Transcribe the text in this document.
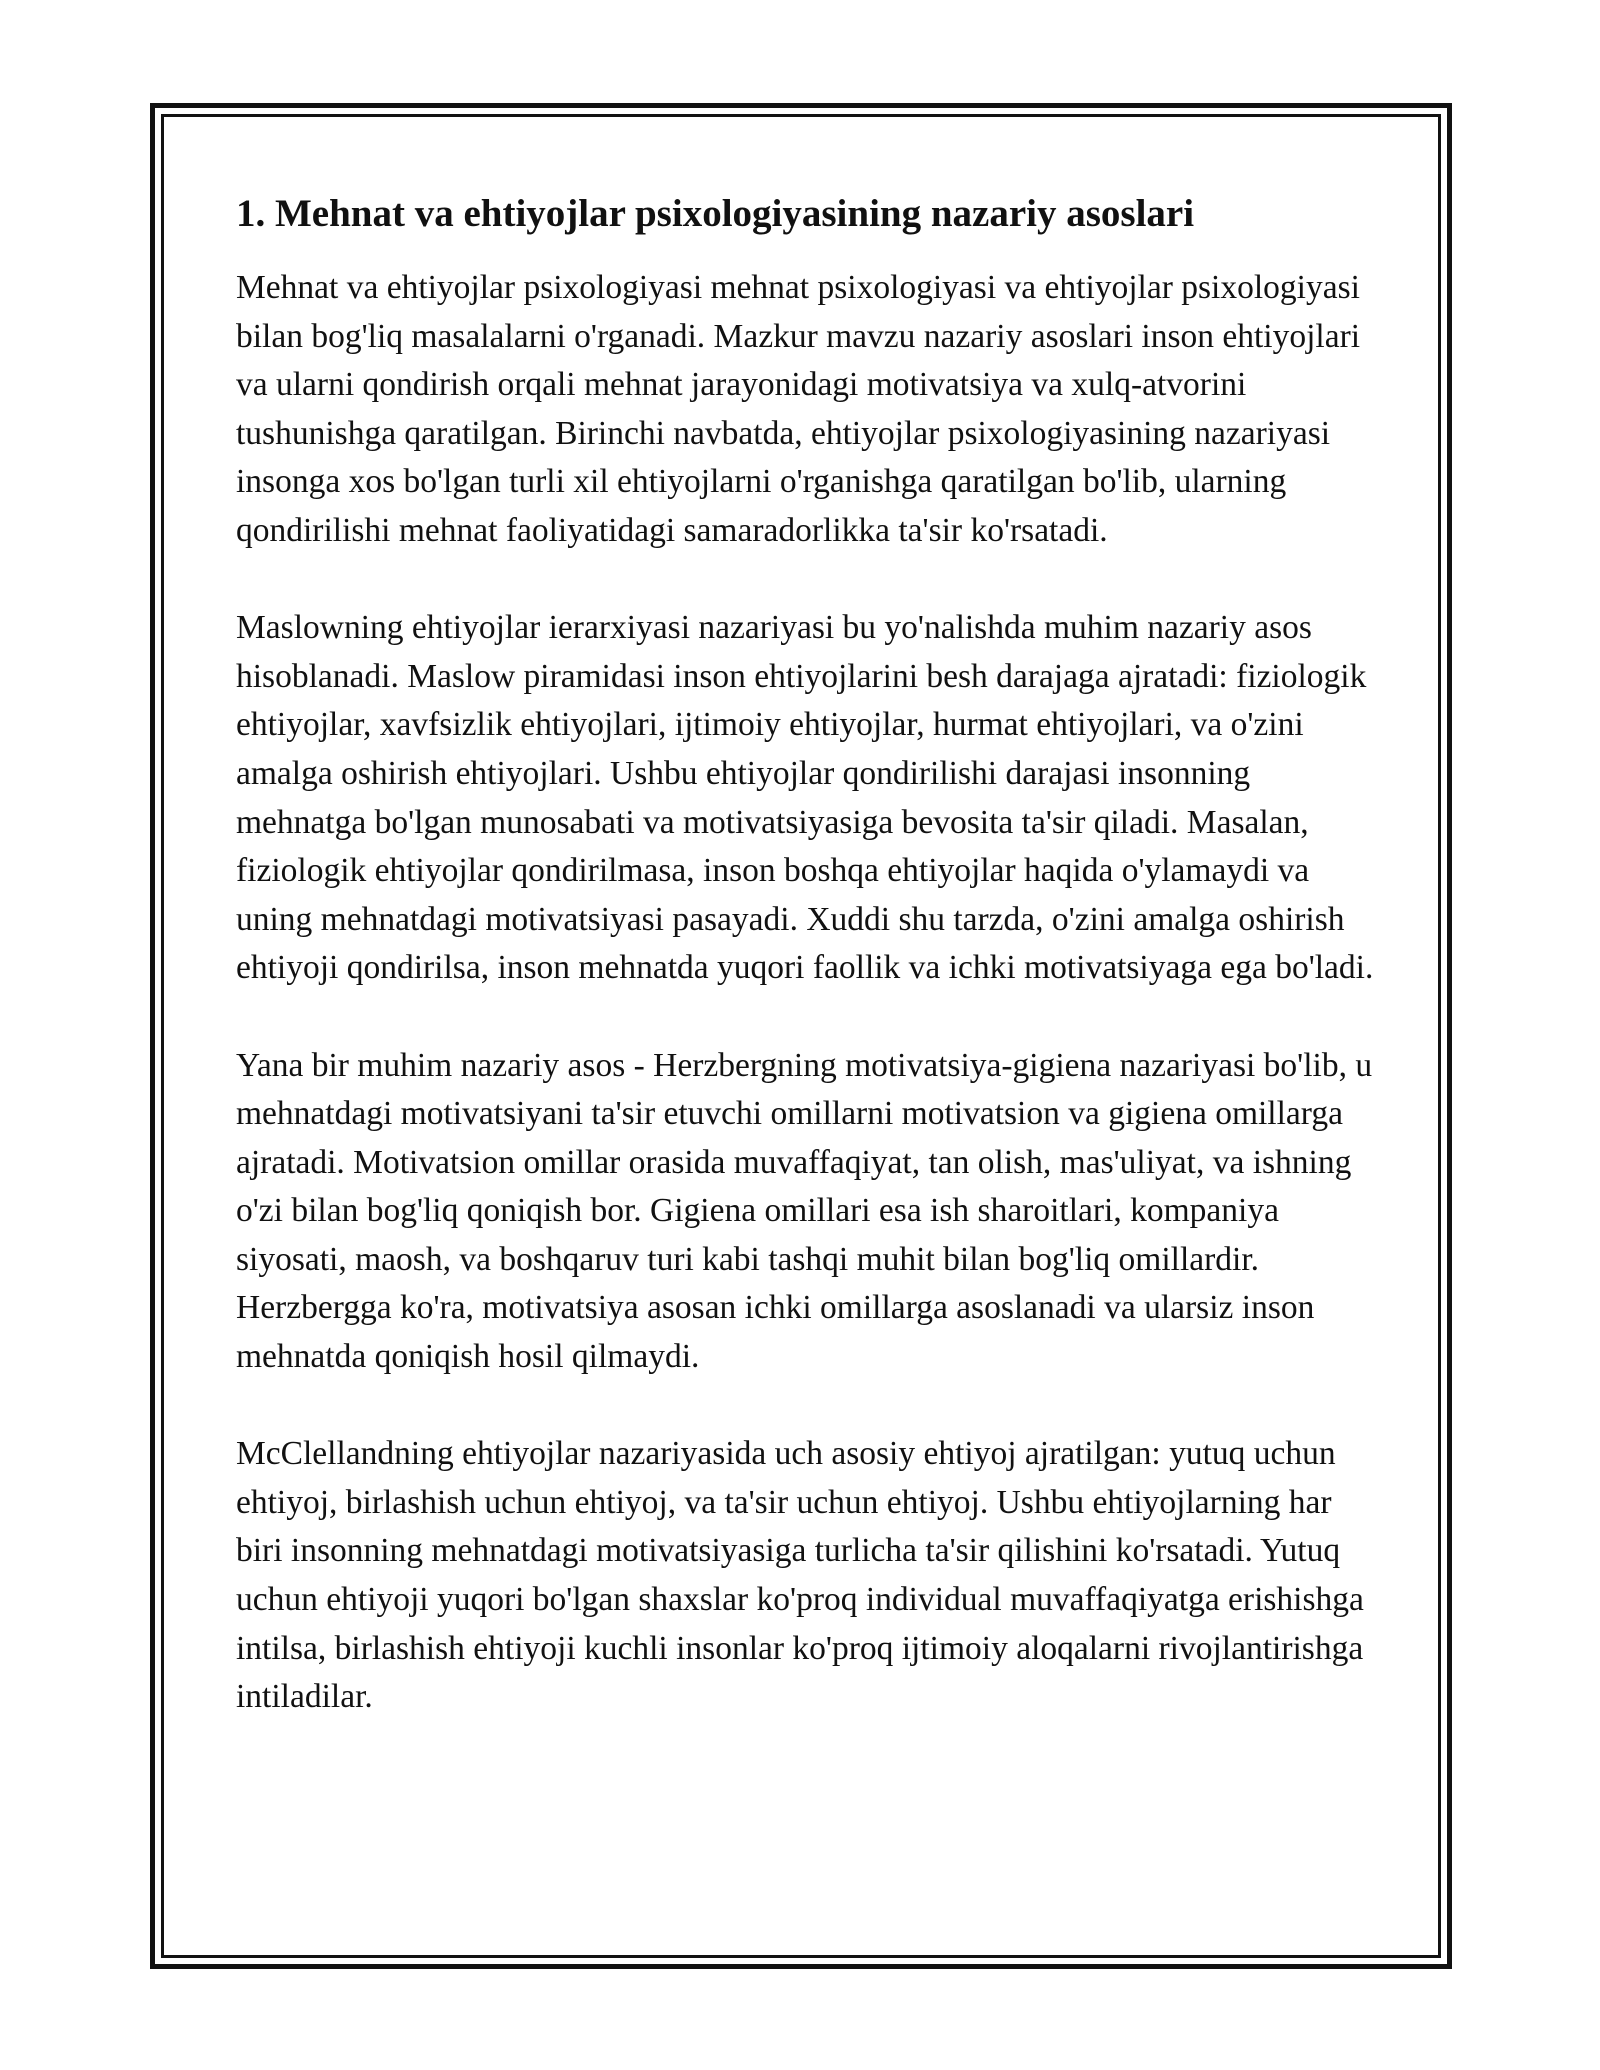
1. Mehnat va ehtiyojlar psixologiyasining nazariy asoslari

Mehnat va ehtiyojlar psixologiyasi mehnat psixologiyasi va ehtiyojlar psixologiyasi bilan bog'liq masalalarni o'rganadi. Mazkur mavzu nazariy asoslari inson ehtiyojlari va ularni qondirish orqali mehnat jarayonidagi motivatsiya va xulq-atvorini tushunishga qaratilgan. Birinchi navbatda, ehtiyojlar psixologiyasining nazariyasi insonga xos bo'lgan turli xil ehtiyojlarni o'rganishga qaratilgan bo'lib, ularning qondirilishi mehnat faoliyatidagi samaradorlikka ta'sir ko'rsatadi.

Maslowning ehtiyojlar ierarxiyasi nazariyasi bu yo'nalishda muhim nazariy asos hisoblanadi. Maslow piramidasi inson ehtiyojlarini besh darajaga ajratadi: fiziologik ehtiyojlar, xavfsizlik ehtiyojlari, ijtimoiy ehtiyojlar, hurmat ehtiyojlari, va o'zini amalga oshirish ehtiyojlari. Ushbu ehtiyojlar qondirilishi darajasi insonning mehnatga bo'lgan munosabati va motivatsiyasiga bevosita ta'sir qiladi. Masalan, fiziologik ehtiyojlar qondirilmasa, inson boshqa ehtiyojlar haqida o'ylamaydi va uning mehnatdagi motivatsiyasi pasayadi. Xuddi shu tarzda, o'zini amalga oshirish ehtiyoji qondirilsa, inson mehnatda yuqori faollik va ichki motivatsiyaga ega bo'ladi.

Yana bir muhim nazariy asos - Herzbergning motivatsiya-gigiena nazariyasi bo'lib, u mehnatdagi motivatsiyani ta'sir etuvchi omillarni motivatsion va gigiena omillarga ajratadi. Motivatsion omillar orasida muvaffaqiyat, tan olish, mas'uliyat, va ishning o'zi bilan bog'liq qoniqish bor. Gigiena omillari esa ish sharoitlari, kompaniya siyosati, maosh, va boshqaruv turi kabi tashqi muhit bilan bog'liq omillardir. Herzbergga ko'ra, motivatsiya asosan ichki omillarga asoslanadi va ularsiz inson mehnatda qoniqish hosil qilmaydi.

McClellandning ehtiyojlar nazariyasida uch asosiy ehtiyoj ajratilgan: yutuq uchun ehtiyoj, birlashish uchun ehtiyoj, va ta'sir uchun ehtiyoj. Ushbu ehtiyojlarning har biri insonning mehnatdagi motivatsiyasiga turlicha ta'sir qilishini ko'rsatadi. Yutuq uchun ehtiyoji yuqori bo'lgan shaxslar ko'proq individual muvaffaqiyatga erishishga intilsa, birlashish ehtiyoji kuchli insonlar ko'proq ijtimoiy aloqalarni rivojlantirishga intiladilar.
